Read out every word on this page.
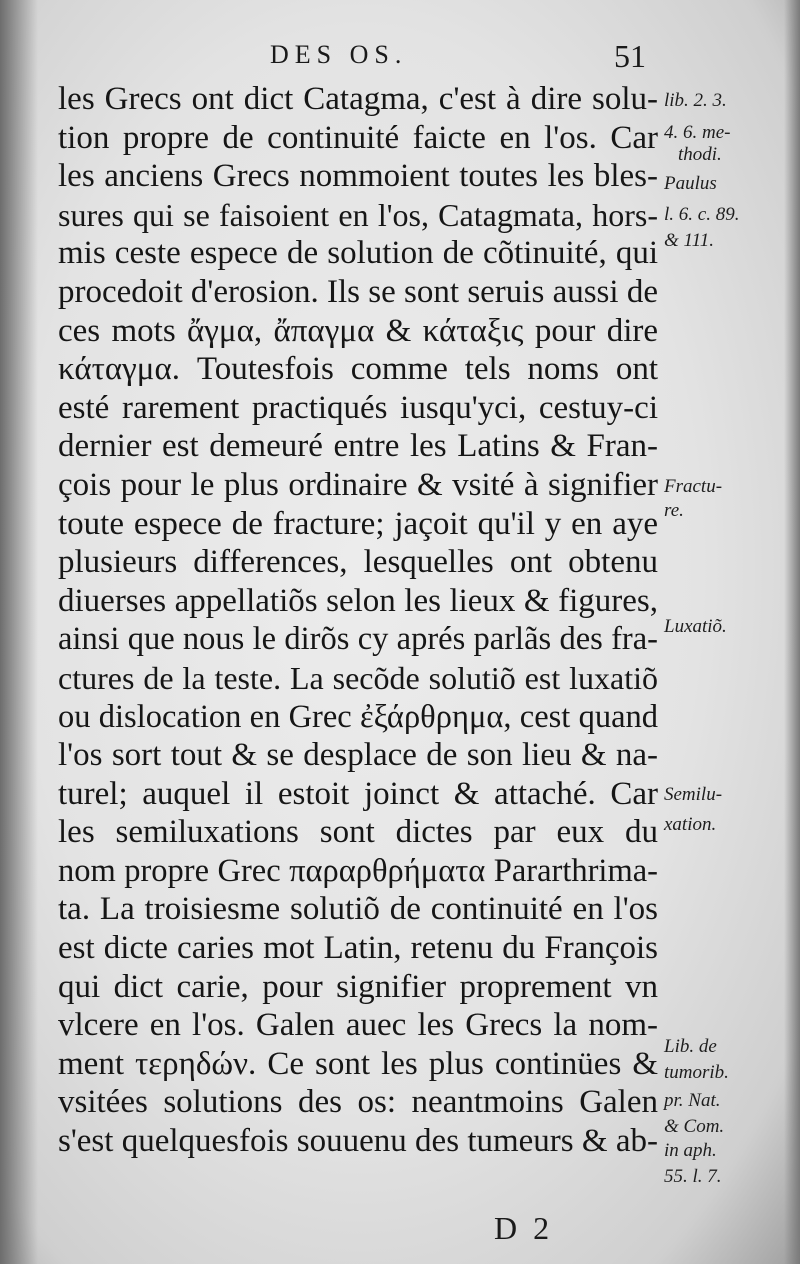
DES OS.	51
les Grecs ont dict Catagma, c'est à dire solu-
tion propre de continuité faicte en l'os. Car
les anciens Grecs nommoient toutes les bles-
sures qui se faisoient en l'os, Catagmata, hors-
mis ceste espece de solution de cõtinuité, qui
procedoit d'erosion. Ils se sont seruis aussi de
ces mots ἄγμα, ἄπαγμα & κάταξις pour dire
κάταγμα. Toutesfois comme tels noms ont
esté rarement practiqués iusqu'yci, cestuy-ci
dernier est demeuré entre les Latins & Fran-
çois pour le plus ordinaire & vsité à signifier
toute espece de fracture; jaçoit qu'il y en aye
plusieurs differences, lesquelles ont obtenu
diuerses appellatiõs selon les lieux & figures,
ainsi que nous le dirõs cy aprés parlãs des fra-
ctures de la teste. La secõde solutiõ est luxatiõ
ou dislocation en Grec ἐξάρθρημα, cest quand
l'os sort tout & se desplace de son lieu & na-
turel; auquel il estoit joinct & attaché. Car
les semiluxations sont dictes par eux du
nom propre Grec παραρθρήματα Pararthrima-
ta. La troisiesme solutiõ de continuité en l'os
est dicte caries mot Latin, retenu du François
qui dict carie, pour signifier proprement vn
vlcere en l'os. Galen auec les Grecs la nom-
ment τερηδών. Ce sont les plus continües &
vsitées solutions des os: neantmoins Galen
s'est quelquesfois souuenu des tumeurs & ab-
lib. 2. 3.
4. 6. me-
thodi.
Paulus
l. 6. c. 89.
& 111.
Fractu-
re.
Luxatiõ.
Semilu-
xation.
Lib. de
tumorib.
pr. Nat.
& Com.
in aph.
55. l. 7.
D 2
